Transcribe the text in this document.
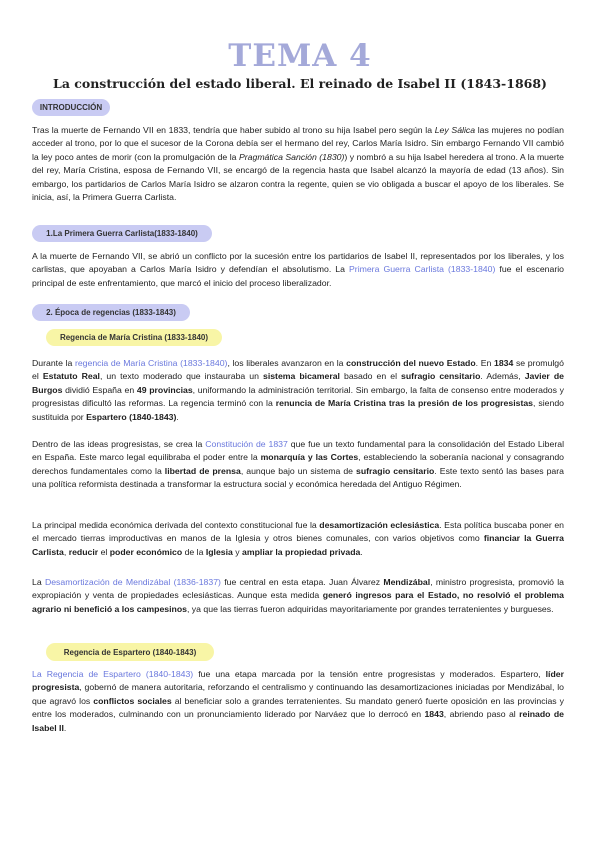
TEMA 4
La construcción del estado liberal. El reinado de Isabel II (1843-1868)
INTRODUCCIÓN
Tras la muerte de Fernando VII en 1833, tendría que haber subido al trono su hija Isabel pero según la Ley Sálica las mujeres no podían acceder al trono, por lo que el sucesor de la Corona debía ser el hermano del rey, Carlos María Isidro. Sin embargo Fernando VII cambió la ley poco antes de morir (con la promulgación de la Pragmática Sanción (1830)) y nombró a su hija Isabel heredera al trono. A la muerte del rey, María Cristina, esposa de Fernando VII, se encargó de la regencia hasta que Isabel alcanzó la mayoría de edad (13 años). Sin embargo, los partidarios de Carlos María Isidro se alzaron contra la regente, quien se vio obligada a buscar el apoyo de los liberales. Se inicia, así, la Primera Guerra Carlista.
1.La Primera Guerra Carlista(1833-1840)
A la muerte de Fernando VII, se abrió un conflicto por la sucesión entre los partidarios de Isabel II, representados por los liberales, y los carlistas, que apoyaban a Carlos María Isidro y defendían el absolutismo. La Primera Guerra Carlista (1833-1840) fue el escenario principal de este enfrentamiento, que marcó el inicio del proceso liberalizador.
2. Época de regencias (1833-1843)
Regencia de María Cristina (1833-1840)
Durante la regencia de María Cristina (1833-1840), los liberales avanzaron en la construcción del nuevo Estado. En 1834 se promulgó el Estatuto Real, un texto moderado que instauraba un sistema bicameral basado en el sufragio censitario. Además, Javier de Burgos dividió España en 49 provincias, uniformando la administración territorial. Sin embargo, la falta de consenso entre moderados y progresistas dificultó las reformas. La regencia terminó con la renuncia de María Cristina tras la presión de los progresistas, siendo sustituida por Espartero (1840-1843).
Dentro de las ideas progresistas, se crea la Constitución de 1837 que fue un texto fundamental para la consolidación del Estado Liberal en España. Este marco legal equilibraba el poder entre la monarquía y las Cortes, estableciendo la soberanía nacional y consagrando derechos fundamentales como la libertad de prensa, aunque bajo un sistema de sufragio censitario. Este texto sentó las bases para una política reformista destinada a transformar la estructura social y económica heredada del Antiguo Régimen.
La principal medida económica derivada del contexto constitucional fue la desamortización eclesiástica. Esta política buscaba poner en el mercado tierras improductivas en manos de la Iglesia y otros bienes comunales, con varios objetivos como financiar la Guerra Carlista, reducir el poder económico de la Iglesia y ampliar la propiedad privada.
La Desamortización de Mendizábal (1836-1837) fue central en esta etapa. Juan Álvarez Mendizábal, ministro progresista, promovió la expropiación y venta de propiedades eclesiásticas. Aunque esta medida generó ingresos para el Estado, no resolvió el problema agrario ni benefició a los campesinos, ya que las tierras fueron adquiridas mayoritariamente por grandes terratenientes y burgueses.
Regencia de Espartero (1840-1843)
La Regencia de Espartero (1840-1843) fue una etapa marcada por la tensión entre progresistas y moderados. Espartero, líder progresista, gobernó de manera autoritaria, reforzando el centralismo y continuando las desamortizaciones iniciadas por Mendizábal, lo que agravó los conflictos sociales al beneficiar solo a grandes terratenientes. Su mandato generó fuerte oposición en las provincias y entre los moderados, culminando con un pronunciamiento liderado por Narváez que lo derrocó en 1843, abriendo paso al reinado de Isabel II.
